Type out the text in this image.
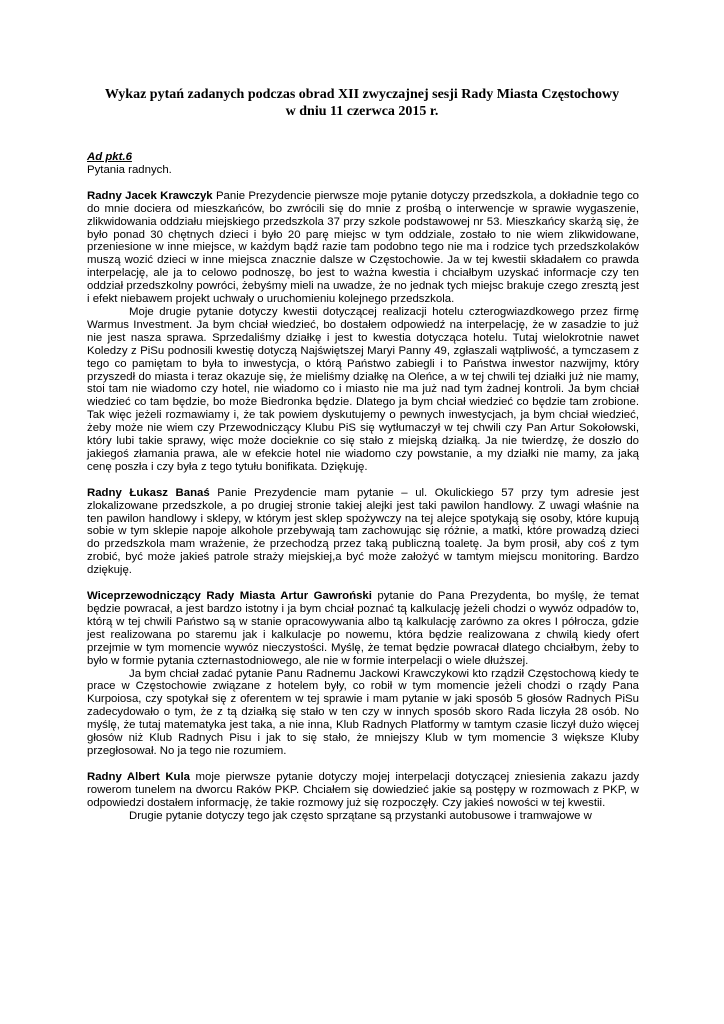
Wykaz pytań zadanych podczas obrad XII zwyczajnej sesji Rady Miasta Częstochowy
w dniu 11 czerwca 2015 r.

Ad pkt.6

Pytania radnych.

Radny Jacek Krawczyk Panie Prezydencie pierwsze moje pytanie dotyczy przedszkola, a dokładnie tego co do mnie dociera od mieszkańców, bo zwrócili się do mnie z prośbą o interwencje w sprawie wygaszenie, zlikwidowania oddziału miejskiego przedszkola 37 przy szkole podstawowej nr 53. Mieszkańcy skarżą się, że było ponad 30 chętnych dzieci i było 20 parę miejsc w tym oddziale, zostało to nie wiem zlikwidowane, przeniesione w inne miejsce, w każdym bądź razie tam podobno tego nie ma i rodzice tych przedszkolaków muszą wozić dzieci w inne miejsca znacznie dalsze w Częstochowie. Ja w tej kwestii składałem co prawda interpelację, ale ja to celowo podnoszę, bo jest to ważna kwestia i chciałbym uzyskać informacje czy ten oddział przedszkolny powróci, żebyśmy mieli na uwadze, że no jednak tych miejsc brakuje czego zresztą jest i efekt niebawem projekt uchwały o uruchomieniu kolejnego przedszkola.

Moje drugie pytanie dotyczy kwestii dotyczącej realizacji hotelu czterogwiazdkowego przez firmę Warmus Investment. Ja bym chciał wiedzieć, bo dostałem odpowiedź na interpelację, że w zasadzie to już nie jest nasza sprawa. Sprzedaliśmy działkę i jest to kwestia dotycząca hotelu. Tutaj wielokrotnie nawet Koledzy z PiSu podnosili kwestię dotyczą Najświętszej Maryi Panny 49, zgłaszali wątpliwość, a tymczasem z tego co pamiętam to była to inwestycja, o którą Państwo zabiegli i to Państwa inwestor nazwijmy, który przyszedł do miasta i teraz okazuje się, że mieliśmy działkę na Oleńce, a w tej chwili tej działki już nie mamy, stoi tam nie wiadomo czy hotel, nie wiadomo co i miasto nie ma już nad tym żadnej kontroli. Ja bym chciał wiedzieć co tam będzie, bo może Biedronka będzie. Dlatego ja bym chciał wiedzieć co będzie tam zrobione. Tak więc jeżeli rozmawiamy i, że tak powiem dyskutujemy o pewnych inwestycjach, ja bym chciał wiedzieć, żeby może nie wiem czy Przewodniczący Klubu PiS się wytłumaczył w tej chwili czy Pan Artur Sokołowski, który lubi takie sprawy, więc może docieknie co się stało z miejską działką. Ja nie twierdzę, że doszło do jakiegoś złamania prawa, ale w efekcie hotel nie wiadomo czy powstanie, a my działki nie mamy, za jaką cenę poszła i czy była z tego tytułu bonifikata. Dziękuję.

Radny Łukasz Banaś Panie Prezydencie mam pytanie – ul. Okulickiego 57 przy tym adresie jest zlokalizowane przedszkole, a po drugiej stronie takiej alejki jest taki pawilon handlowy. Z uwagi właśnie na ten pawilon handlowy i sklepy, w którym jest sklep spożywczy na tej alejce spotykają się osoby, które kupują sobie w tym sklepie napoje alkohole przebywają tam zachowując się różnie, a matki, które prowadzą dzieci do przedszkola mam wrażenie, że przechodzą przez taką publiczną toaletę. Ja bym prosił, aby coś z tym zrobić, być może jakieś patrole straży miejskiej,a być może założyć w tamtym miejscu monitoring. Bardzo dziękuję.

Wiceprzewodniczący Rady Miasta Artur Gawroński pytanie do Pana Prezydenta, bo myślę, że temat będzie powracał, a jest bardzo istotny i ja bym chciał poznać tą kalkulację jeżeli chodzi o wywóz odpadów to, którą w tej chwili Państwo są w stanie opracowywania albo tą kalkulację zarówno za okres I półrocza, gdzie jest realizowana po staremu jak i kalkulacje po nowemu, która będzie realizowana z chwilą kiedy ofert przejmie w tym momencie wywóz nieczystości. Myślę, że temat będzie powracał dlatego chciałbym, żeby to było w formie pytania czternastodniowego, ale nie w formie interpelacji o wiele dłuższej.

Ja bym chciał zadać pytanie Panu Radnemu Jackowi Krawczykowi kto rządził Częstochową kiedy te prace w Częstochowie związane z hotelem były, co robił w tym momencie jeżeli chodzi o rządy Pana Kurpoiosa, czy spotykał się z oferentem w tej sprawie i mam pytanie w jaki sposób 5 głosów Radnych PiSu zadecydowało o tym, że z tą działką się stało w ten czy w innych sposób skoro Rada liczyła 28 osób. No myślę, że tutaj matematyka jest taka, a nie inna, Klub Radnych Platformy w tamtym czasie liczył dużo więcej głosów niż Klub Radnych Pisu i jak to się stało, że mniejszy Klub w tym momencie 3 większe Kluby przegłosował. No ja tego nie rozumiem.

Radny Albert Kula moje pierwsze pytanie dotyczy mojej interpelacji dotyczącej zniesienia zakazu jazdy rowerom tunelem na dworcu Raków PKP. Chciałem się dowiedzieć jakie są postępy w rozmowach z PKP, w odpowiedzi dostałem informację, że takie rozmowy już się rozpoczęły. Czy jakieś nowości w tej kwestii.

Drugie pytanie dotyczy tego jak często sprzątane są przystanki autobusowe i tramwajowe w
